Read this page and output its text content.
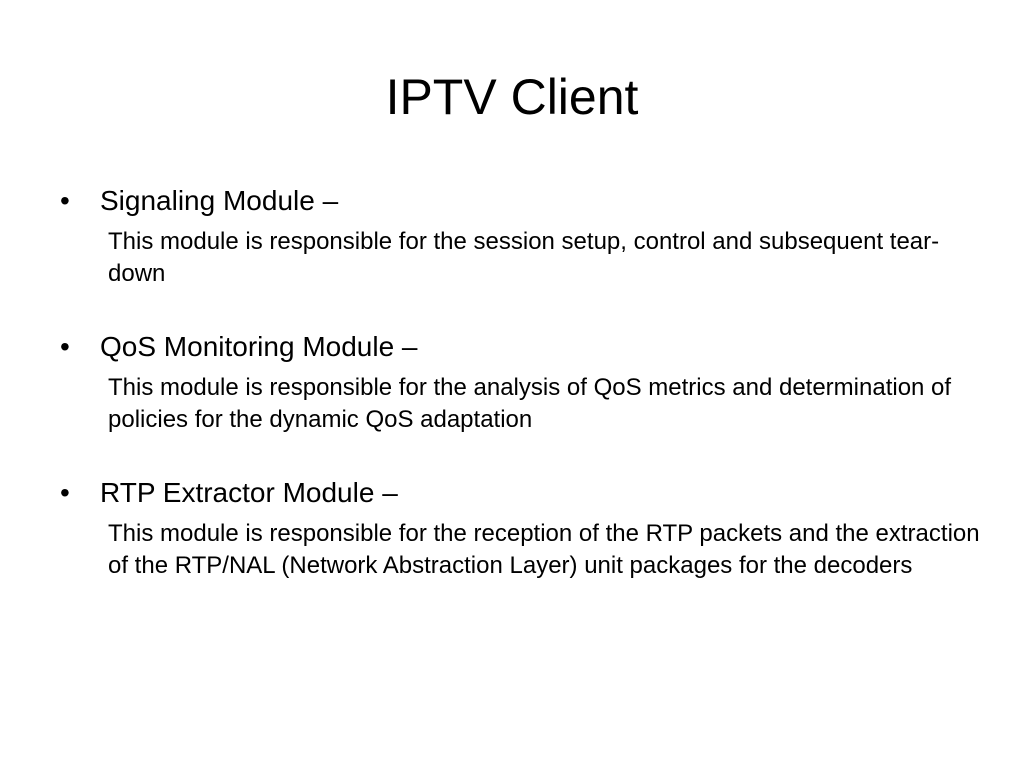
IPTV Client
• Signaling Module –
This module is responsible for the session setup, control and subsequent tear-down
• QoS Monitoring Module –
This module is responsible for the analysis of QoS metrics and determination of policies for the dynamic QoS adaptation
• RTP Extractor Module –
This module is responsible for the reception of the RTP packets and the extraction of the RTP/NAL (Network Abstraction Layer) unit packages for the decoders
